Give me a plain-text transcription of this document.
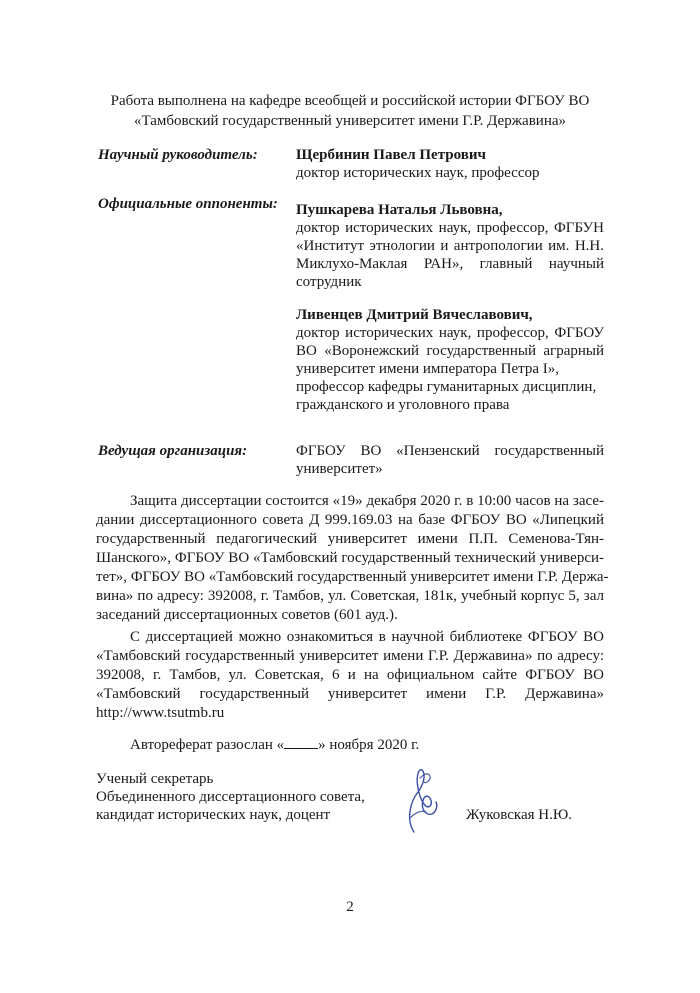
Работа выполнена на кафедре всеобщей и российской истории ФГБОУ ВО
«Тамбовский государственный университет имени Г.Р. Державина»
Научный руководитель:	Щербинин Павел Петрович
доктор исторических наук, профессор
Официальные оппоненты: Пушкарева Наталья Львовна,
доктор исторических наук, профессор, ФГБУН
«Институт этнологии и антропологии им. Н.Н.
Миклухо-Маклая РАН», главный научный
сотрудник
Ливенцев Дмитрий Вячеславович,
доктор исторических наук, профессор, ФГБОУ
ВО «Воронежский государственный аграрный
университет имени императора Петра I»,
профессор кафедры гуманитарных дисциплин,
гражданского и уголовного права
Ведущая организация:	ФГБОУ ВО «Пензенский государственный
университет»
Защита диссертации состоится «19» декабря 2020 г. в 10:00 часов на засе-
дании диссертационного совета Д 999.169.03 на базе ФГБОУ ВО «Липецкий
государственный педагогический университет имени П.П. Семенова-Тян-
Шанского», ФГБОУ ВО «Тамбовский государственный технический универси-
тет», ФГБОУ ВО «Тамбовский государственный университет имени Г.Р. Держа-
вина» по адресу: 392008, г. Тамбов, ул. Советская, 181к, учебный корпус 5, зал
заседаний диссертационных советов (601 ауд.).
С диссертацией можно ознакомиться в научной библиотеке ФГБОУ ВО
«Тамбовский государственный университет имени Г.Р. Державина» по адресу:
392008, г. Тамбов, ул. Советская, 6 и на официальном сайте ФГБОУ ВО
«Тамбовский государственный университет имени Г.Р. Державина»
http://www.tsutmb.ru
Автореферат разослан « » ноября 2020 г.
Ученый секретарь
Объединенного диссертационного совета,
кандидат исторических наук, доцент	Жуковская Н.Ю.
2
